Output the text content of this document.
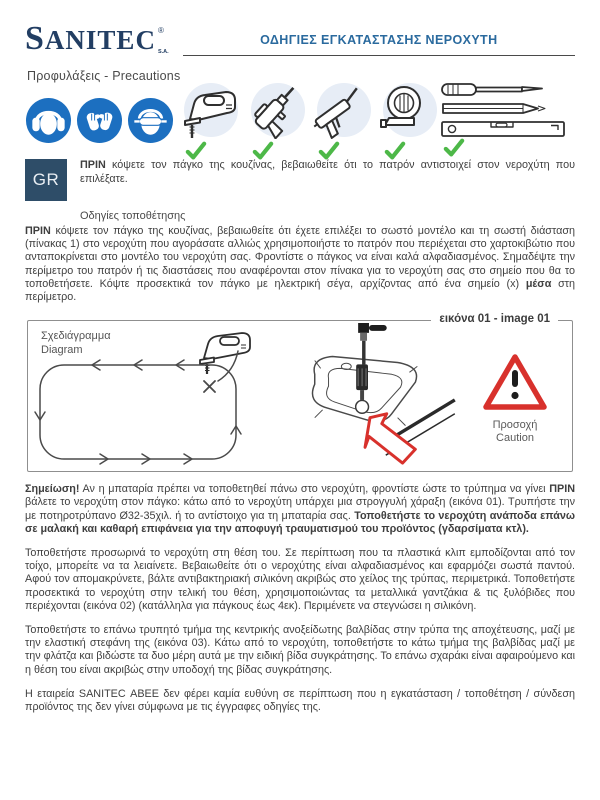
SANITEC ®
S.A.
ΟΔΗΓΙΕΣ ΕΓΚΑΤΑΣΤΑΣΗΣ ΝΕΡΟΧΥΤΗ
Προφυλάξεις - Precautions
GR

ΠΡΙΝ κόψετε τον πάγκο της κουζίνας, βεβαιωθείτε ότι το πατρόν αντιστοιχεί στον νεροχύτη που επιλέξατε.

Οδηγίες τοποθέτησης

ΠΡΙΝ κόψετε τον πάγκο της κουζίνας, βεβαιωθείτε ότι έχετε επιλέξει το σωστό μοντέλο και τη σωστή διάσταση (πίνακας 1) στο νεροχύτη που αγοράσατε αλλιώς χρησιμοποιήστε το πατρόν που περιέχεται στο χαρτοκιβώτιο που ανταποκρίνεται στο μοντέλο του νεροχύτη σας. Φροντίστε ο πάγκος να είναι καλά αλφαδιασμένος. Σημαδέψτε την περίμετρο του πατρόν ή τις διαστάσεις που αναφέρονται στον πίνακα για το νεροχύτη σας στο σημείο που θα το τοποθετήσετε. Κόψτε προσεκτικά τον πάγκο με ηλεκτρική σέγα, αρχίζοντας από ένα σημείο (x) μέσα στη περίμετρο.

εικόνα 01 - image 01
Σχεδιάγραμμα
Diagram
Προσοχή
Caution

Σημείωση! Αν η μπαταρία πρέπει να τοποθετηθεί πάνω στο νεροχύτη, φροντίστε ώστε το τρύπημα να γίνει ΠΡΙΝ βάλετε το νεροχύτη στον πάγκο: κάτω από το νεροχύτη υπάρχει μια στρογγυλή χάραξη (εικόνα 01). Τρυπήστε την με ποτηροτρύπανο Ø32-35χιλ. ή το αντίστοιχο για τη μπαταρία σας. Τοποθετήστε το νεροχύτη ανάποδα επάνω σε μαλακή και καθαρή επιφάνεια για την αποφυγή τραυματισμού του προϊόντος (γδαρσίματα κτλ).

Τοποθετήστε προσωρινά το νεροχύτη στη θέση του. Σε περίπτωση που τα πλαστικά κλιπ εμποδίζονται από τον τοίχο, μπορείτε να τα λειαίνετε. Βεβαιωθείτε ότι ο νεροχύτης είναι αλφαδιασμένος και εφαρμόζει σωστά παντού. Αφού τον απομακρύνετε, βάλτε αντιβακτηριακή σιλικόνη ακριβώς στο χείλος της τρύπας, περιμετρικά. Τοποθετήστε προσεκτικά το νεροχύτη στην τελική του θέση, χρησιμοποιώντας τα μεταλλικά γαντζάκια & τις ξυλόβιδες που περιέχονται (εικόνα 02) (κατάλληλα για πάγκους έως 4εκ). Περιμένετε να στεγνώσει η σιλικόνη.

Τοποθετήστε το επάνω τρυπητό τμήμα της κεντρικής ανοξείδωτης βαλβίδας στην τρύπα της αποχέτευσης, μαζί με την ελαστική στεφάνη της (εικόνα 03). Κάτω από το νεροχύτη, τοποθετήστε το κάτω τμήμα της βαλβίδας μαζί με την φλάτζα και βιδώστε τα δυο μέρη αυτά με την ειδική βίδα συγκράτησης. Το επάνω σχαράκι είναι αφαιρούμενο και η θέση του είναι ακριβώς στην υποδοχή της βίδας συγκράτησης.

Η εταιρεία SANITEC ΑΒΕΕ δεν φέρει καμία ευθύνη σε περίπτωση που η εγκατάσταση / τοποθέτηση / σύνδεση προϊόντος της δεν γίνει σύμφωνα με τις έγγραφες οδηγίες της.
